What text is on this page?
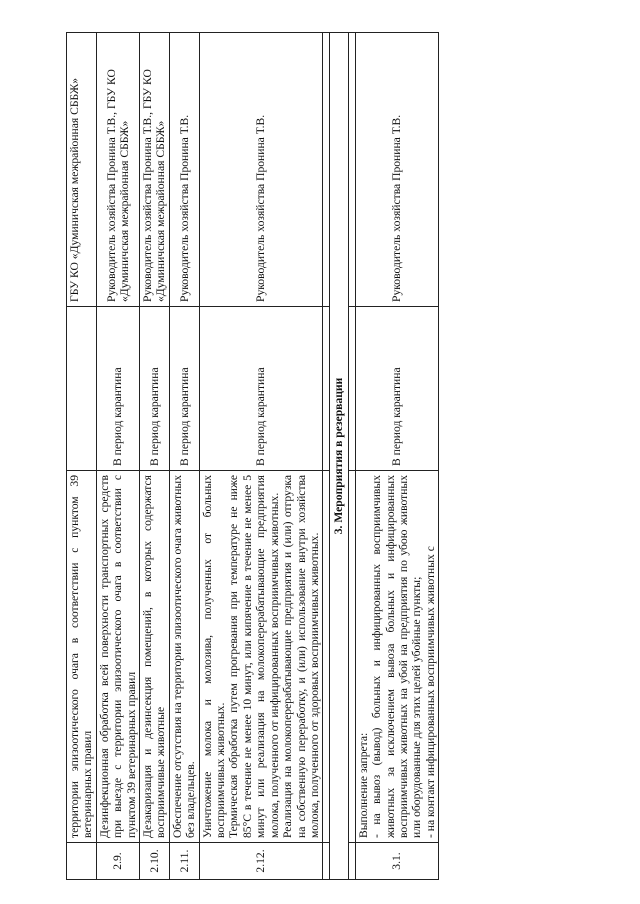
	территории эпизоотического очага в соответствии с пунктом 39 ветеринарных правил		ГБУ КО «Думиничская межрайонная СББЖ»
2.9.	Дезинфекционная обработка всей поверхности транспортных средств при выезде с территории эпизоотического очага в соответствии с пунктом 39 ветеринарных правил	В период карантина	Руководитель хозяйства Пронина Т.В., ГБУ КО «Думиничская межрайонная СББЖ»
2.10.	Дезакаризация и дезинсекция помещений, в которых содержатся восприимчивые животные	В период карантина	Руководитель хозяйства Пронина Т.В., ГБУ КО «Думиничская межрайонная СББЖ»
2.11.	Обеспечение отсутствия на территории эпизоотического очага животных без владельцев.	В период карантина	Руководитель хозяйства Пронина Т.В.
2.12.	Уничтожение молока и молозива, полученных от больных восприимчивых животных. Термическая обработка путем прогревания при температуре не ниже 85°С в течение не менее 10 минут, или кипячение в течение не менее 5 минут или реализация на молокоперерабатывающие предприятия молока, полученного от инфицированных восприимчивых животных. Реализация на молокоперерабатывающие предприятия и (или) отгрузка на собственную переработку, и (или) использование внутри хозяйства молока, полученного от здоровых восприимчивых животных.	В период карантина	Руководитель хозяйства Пронина Т.В.

3. Мероприятия в резервации			

3.1.	Выполнение запрета: - на вывоз (вывод) больных и инфицированных восприимчивых животных за исключением вывоза больных и инфицированных восприимчивых животных на убой на предприятия по убою животных или оборудованные для этих целей убойные пункты; - на контакт инфицированных восприимчивых животных с	В период карантина	Руководитель хозяйства Пронина Т.В.
